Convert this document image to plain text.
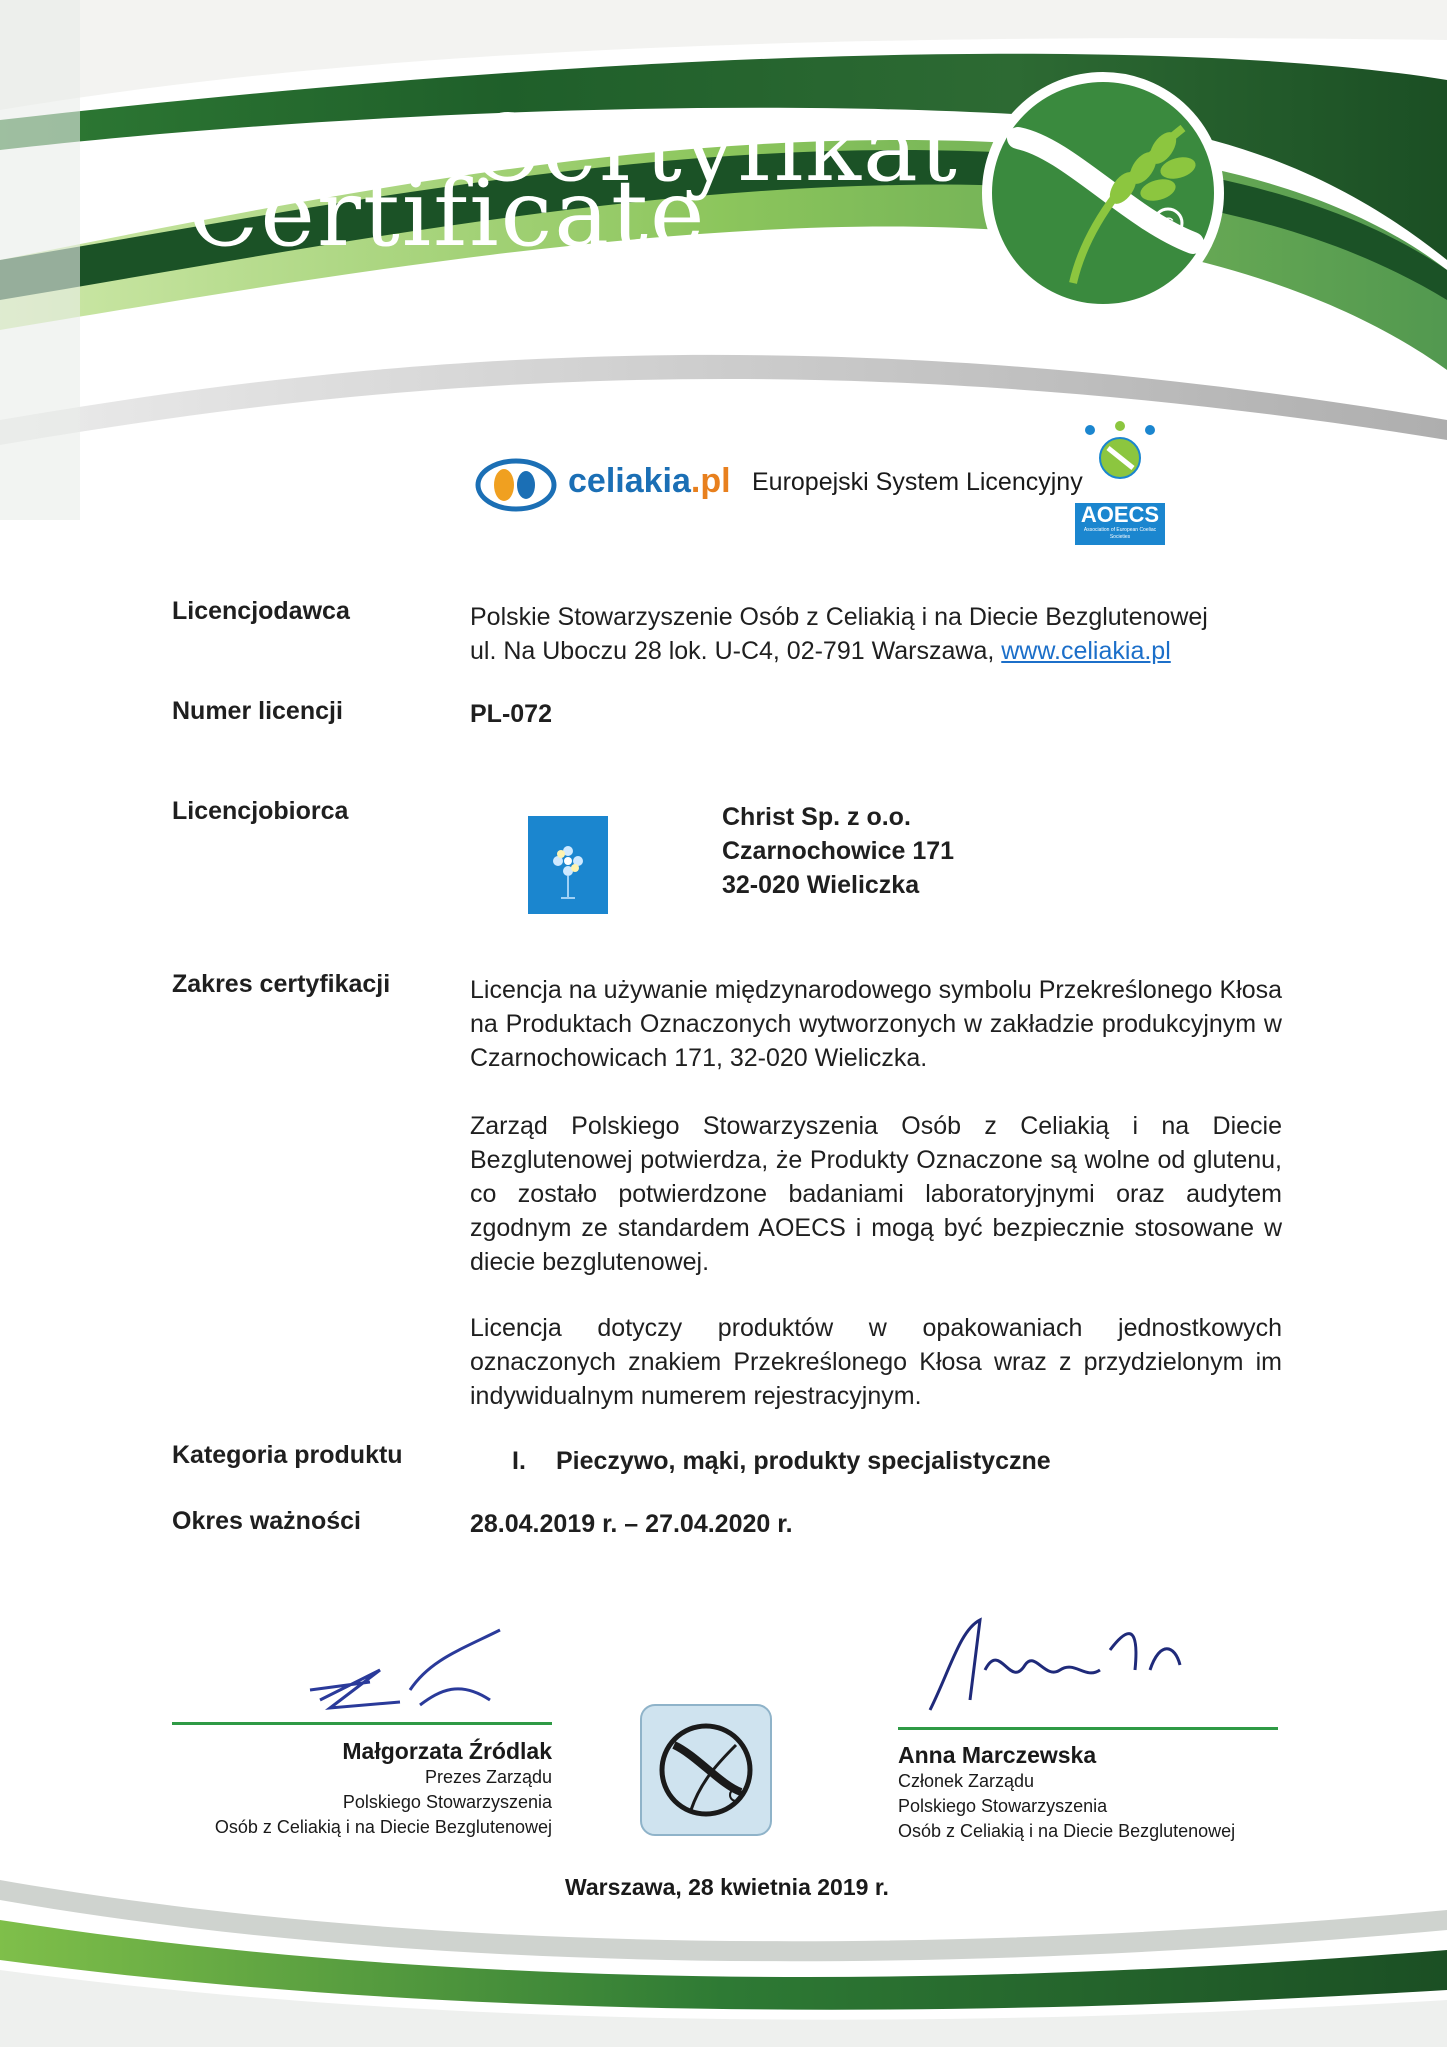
C
Certyfikat
Certificate
celiakia.pl Europejski System Licencyjny
AOECS
Association of European Coeliac Societies
Licencjodawca	Polskie Stowarzyszenie Osób z Celiakią i na Diecie Bezglutenowej
ul. Na Uboczu 28 lok. U-C4, 02-791 Warszawa, www.celiakia.pl
Numer licencji	PL-072
Licencjobiorca	Christ Sp. z o.o.
Czarnochowice 171
32-020 Wieliczka
Zakres certyfikacji	Licencja na używanie międzynarodowego symbolu Przekreślonego Kłosa na Produktach Oznaczonych wytworzonych w zakładzie produkcyjnym w Czarnochowicach 171, 32-020 Wieliczka.
Zarząd Polskiego Stowarzyszenia Osób z Celiakią i na Diecie Bezglutenowej potwierdza, że Produkty Oznaczone są wolne od glutenu, co zostało potwierdzone badaniami laboratoryjnymi oraz audytem zgodnym ze standardem AOECS i mogą być bezpiecznie stosowane w diecie bezglutenowej.
Licencja dotyczy produktów w opakowaniach jednostkowych oznaczonych znakiem Przekreślonego Kłosa wraz z przydzielonym im indywidualnym numerem rejestracyjnym.
Kategoria produktu	I. Pieczywo, mąki, produkty specjalistyczne
Okres ważności	28.04.2019 r. – 27.04.2020 r.
Małgorzata Źródlak
Prezes Zarządu
Polskiego Stowarzyszenia
Osób z Celiakią i na Diecie Bezglutenowej
Anna Marczewska
Członek Zarządu
Polskiego Stowarzyszenia
Osób z Celiakią i na Diecie Bezglutenowej
Warszawa, 28 kwietnia 2019 r.
